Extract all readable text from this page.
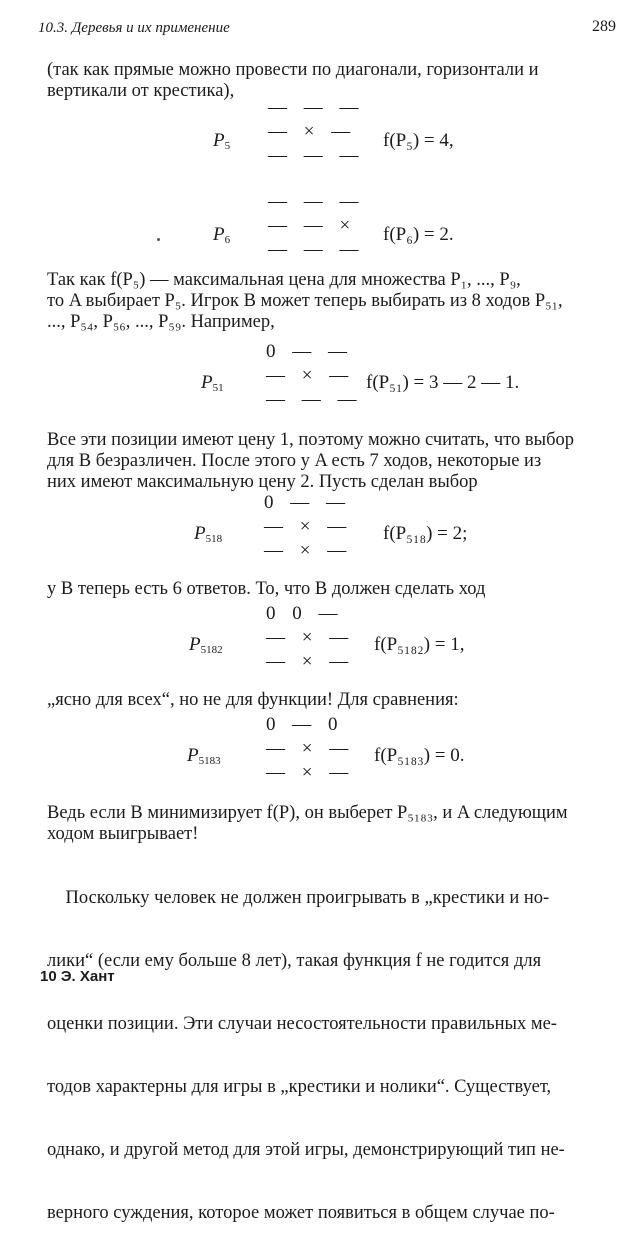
10.3. Деревья и их применение	289
(так как прямые можно провести по диагонали, горизонтали и
вертикали от крестика),
$P_5$
— — —
— × —
— — —
f(P₅) = 4,
$P_6$
— — —
— — ×
— — —
f(P₆) = 2.
Так как f(P₅) — максимальная цена для множества P₁, ..., P₉,
то A выбирает P₅. Игрок B может теперь выбирать из 8 ходов P₅₁,
..., P₅₄, P₅₆, ..., P₅₉. Например,
$P_{51}$
0 — —
— × —
— — —
f(P₅₁) = 3 — 2 — 1.
Все эти позиции имеют цену 1, поэтому можно считать, что выбор
для B безразличен. После этого у A есть 7 ходов, некоторые из
них имеют максимальную цену 2. Пусть сделан выбор
$P_{518}$
0 — —
— × —
— × —
f(P₅₁₈) = 2;
у B теперь есть 6 ответов. То, что B должен сделать ход
$P_{5182}$
0 0 —
— × —
— × —
f(P₅₁₈₂) = 1,
„ясно для всех“, но не для функции! Для сравнения:
$P_{5183}$
0 — 0
— × —
— × —
f(P₅₁₈₃) = 0.
Ведь если B минимизирует f(P), он выберет P₅₁₈₃, и A следующим
ходом выигрывает!

Поскольку человек не должен проигрывать в „крестики и но-

лики“ (если ему больше 8 лет), такая функция f не годится для

оценки позиции. Эти случаи несостоятельности правильных ме-

тодов характерны для игры в „крестики и нолики“. Существует,

однако, и другой метод для этой игры, демонстрирующий тип не-

верного суждения, которое может появиться в общем случае по-

10 Э. Хант
